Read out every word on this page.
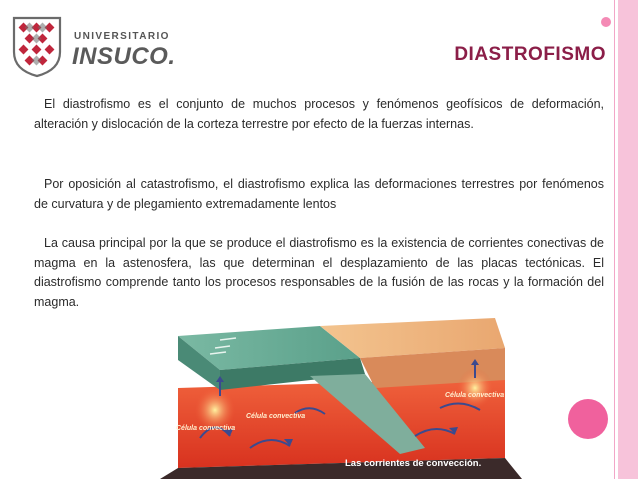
UNIVERSITARIO
INSUCO.	DIASTROFISMO

El diastrofismo es el conjunto de muchos procesos y fenómenos geofísicos de deformación, alteración y dislocación de la corteza terrestre por efecto de la fuerzas internas.

Por oposición al catastrofismo, el diastrofismo explica las deformaciones terrestres por fenómenos de curvatura y de plegamiento extremadamente lentos

La causa principal por la que se produce el diastrofismo es la existencia de corrientes conectivas de magma en la astenosfera, las que determinan el desplazamiento de las placas tectónicas. El diastrofismo comprende tanto los procesos responsables de la fusión de las rocas y la formación del magma.

Célula convectiva
Célula convectiva
Célula convectiva
Las corrientes de convección.
